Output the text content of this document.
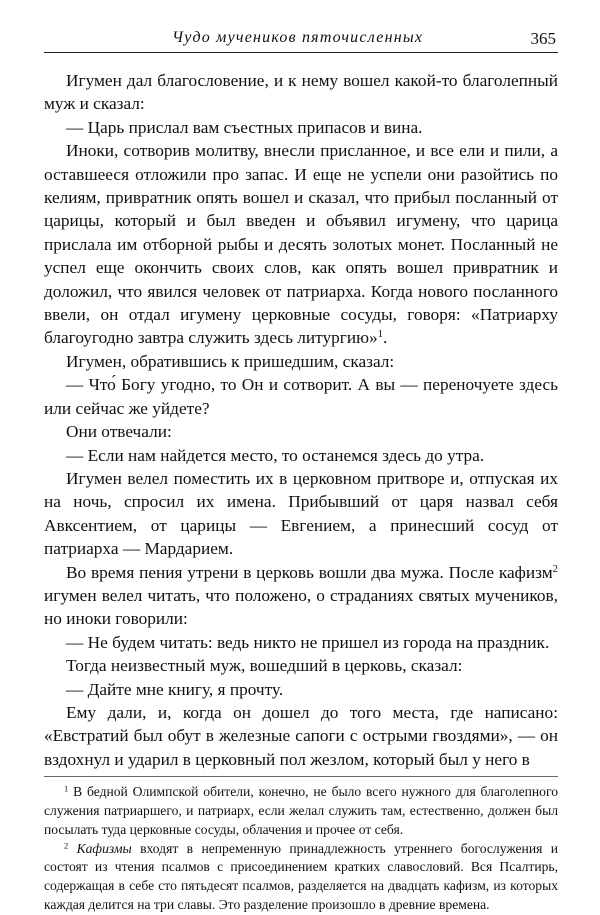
Чудо мучеников пяточисленных	365

Игумен дал благословение, и к нему вошел какой-то благолепный муж и сказал:

— Царь прислал вам съестных припасов и вина.

Иноки, сотворив молитву, внесли присланное, и все ели и пили, а оставшееся отложили про запас. И еще не успели они разойтись по келиям, привратник опять вошел и сказал, что прибыл посланный от царицы, который и был введен и объявил игумену, что царица прислала им отборной рыбы и десять золотых монет. Посланный не успел еще окончить своих слов, как опять вошел привратник и доложил, что явился человек от патриарха. Когда нового посланного ввели, он отдал игумену церковные сосуды, говоря: «Патриарху благоугодно завтра служить здесь литургию»$^1$.

Игумен, обратившись к пришедшим, сказал:

— Что́ Богу угодно, то Он и сотворит. А вы — переночуете здесь или сейчас же уйдете?

Они отвечали:

— Если нам найдется место, то останемся здесь до утра.

Игумен велел поместить их в церковном притворе и, отпуская их на ночь, спросил их имена. Прибывший от царя назвал себя Авксентием, от царицы — Евгением, а принесший сосуд от патриарха — Мардарием.

Во время пения утрени в церковь вошли два мужа. После кафизм$^2$ игумен велел читать, что положено, о страданиях святых мучеников, но иноки говорили:

— Не будем читать: ведь никто не пришел из города на праздник.

Тогда неизвестный муж, вошедший в церковь, сказал:

— Дайте мне книгу, я прочту.

Ему дали, и, когда он дошел до того места, где написано: «Евстратий был обут в железные сапоги с острыми гвоздями», — он вздохнул и ударил в церковный пол жезлом, который был у него в

$^1$ В бедной Олимпской обители, конечно, не было всего нужного для благолепного служения патриаршего, и патриарх, если желал служить там, естественно, должен был посылать туда церковные сосуды, облачения и прочее от себя.

$^2$ Кафизмы входят в непременную принадлежность утреннего богослужения и состоят из чтения псалмов с присоединением кратких славословий. Вся Псалтирь, содержащая в себе сто пятьдесят псалмов, разделяется на двадцать кафизм, из которых каждая делится на три славы. Это разделение произошло в древние времена.
